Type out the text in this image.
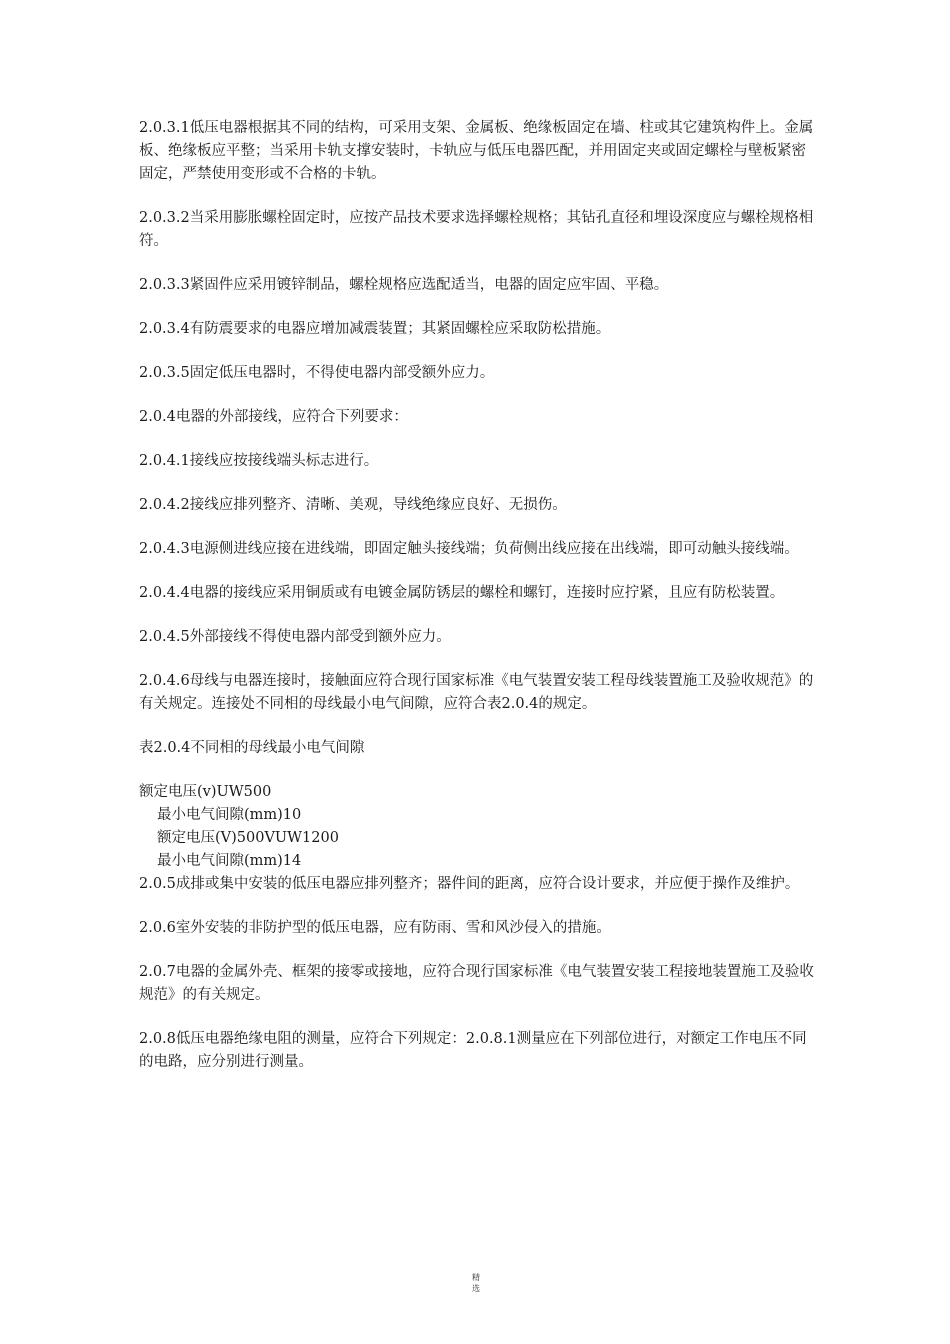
2.0.3.1低压电器根据其不同的结构，可采用支架、金属板、绝缘板固定在墙、柱或其它建筑构件上。金属板、绝缘板应平整；当采用卡轨支撑安装时，卡轨应与低压电器匹配，并用固定夹或固定螺栓与壁板紧密固定，严禁使用变形或不合格的卡轨。

2.0.3.2当采用膨胀螺栓固定时，应按产品技术要求选择螺栓规格；其钻孔直径和埋设深度应与螺栓规格相符。

2.0.3.3紧固件应采用镀锌制品，螺栓规格应选配适当，电器的固定应牢固、平稳。

2.0.3.4有防震要求的电器应增加减震装置；其紧固螺栓应采取防松措施。

2.0.3.5固定低压电器时，不得使电器内部受额外应力。

2.0.4电器的外部接线，应符合下列要求：

2.0.4.1接线应按接线端头标志进行。

2.0.4.2接线应排列整齐、清晰、美观，导线绝缘应良好、无损伤。

2.0.4.3电源侧进线应接在进线端，即固定触头接线端；负荷侧出线应接在出线端，即可动触头接线端。

2.0.4.4电器的接线应采用铜质或有电镀金属防锈层的螺栓和螺钉，连接时应拧紧，且应有防松装置。

2.0.4.5外部接线不得使电器内部受到额外应力。

2.0.4.6母线与电器连接时，接触面应符合现行国家标准《电气装置安装工程母线装置施工及验收规范》的有关规定。连接处不同相的母线最小电气间隙，应符合表2.0.4的规定。

表2.0.4不同相的母线最小电气间隙

额定电压(v)UW500
最小电气间隙(mm)10
额定电压(V)500VUW1200
最小电气间隙(mm)14

2.0.5成排或集中安装的低压电器应排列整齐；器件间的距离，应符合设计要求，并应便于操作及维护。

2.0.6室外安装的非防护型的低压电器，应有防雨、雪和风沙侵入的措施。

2.0.7电器的金属外壳、框架的接零或接地，应符合现行国家标准《电气装置安装工程接地装置施工及验收规范》的有关规定。

2.0.8低压电器绝缘电阻的测量，应符合下列规定：2.0.8.1测量应在下列部位进行，对额定工作电压不同的电路，应分别进行测量。

精
选
